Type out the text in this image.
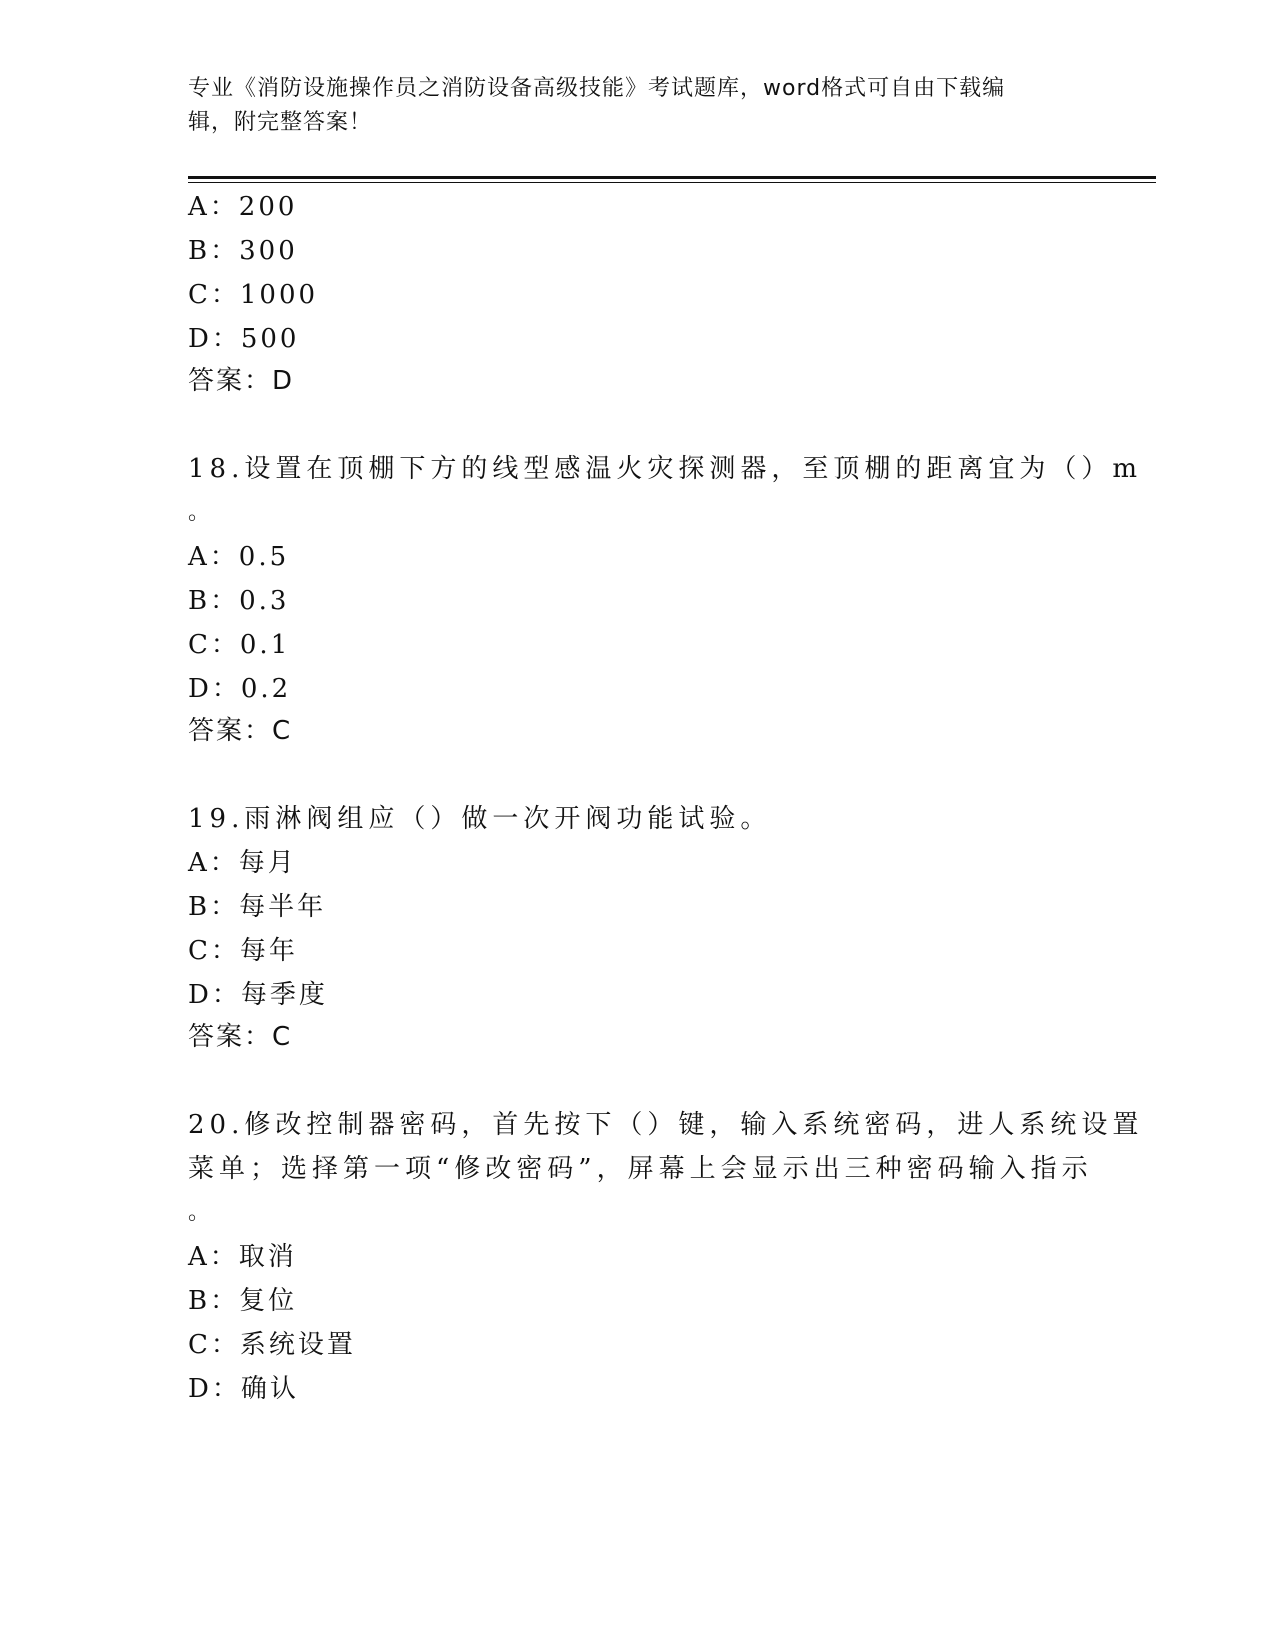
专业《消防设施操作员之消防设备高级技能》考试题库，word格式可自由下载编
辑，附完整答案！
A：200
B：300
C：1000
D：500
答案：D
18.设置在顶棚下方的线型感温火灾探测器，至顶棚的距离宜为（）m
。
A：0.5
B：0.3
C：0.1
D：0.2
答案：C
19.雨淋阀组应（）做一次开阀功能试验。
A：每月
B：每半年
C：每年
D：每季度
答案：C
20.修改控制器密码，首先按下（）键，输入系统密码，进人系统设置
菜单；选择第一项“修改密码”，屏幕上会显示出三种密码输入指示
。
A：取消
B：复位
C：系统设置
D：确认
